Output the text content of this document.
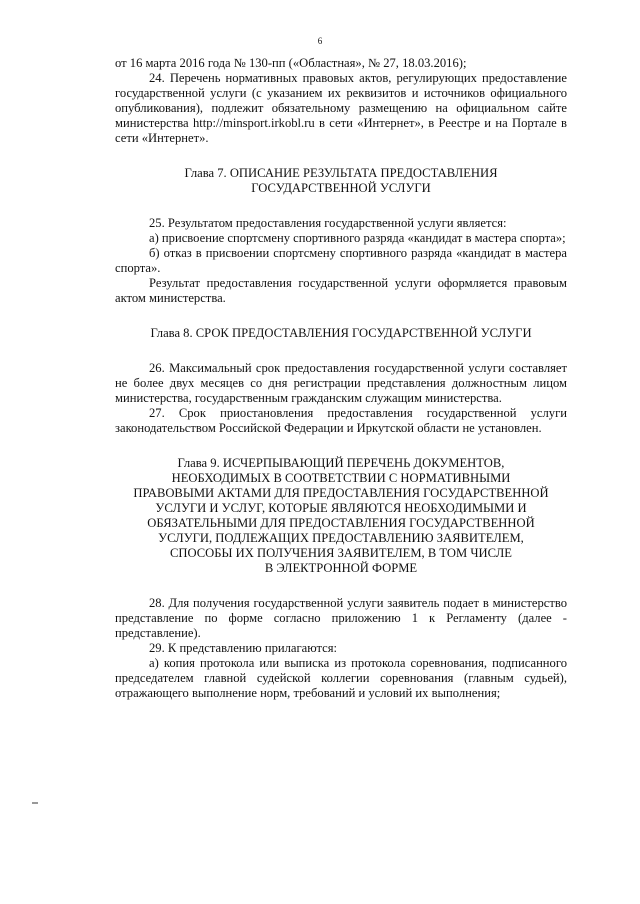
6

от 16 марта 2016 года № 130-пп («Областная», № 27, 18.03.2016);

24. Перечень нормативных правовых актов, регулирующих предоставление государственной услуги (с указанием их реквизитов и источников официального опубликования), подлежит обязательному размещению на официальном сайте министерства http://minsport.irkobl.ru в сети «Интернет», в Реестре и на Портале в сети «Интернет».

Глава 7. ОПИСАНИЕ РЕЗУЛЬТАТА ПРЕДОСТАВЛЕНИЯ
ГОСУДАРСТВЕННОЙ УСЛУГИ

25. Результатом предоставления государственной услуги является:

а) присвоение спортсмену спортивного разряда «кандидат в мастера спорта»;

б) отказ в присвоении спортсмену спортивного разряда «кандидат в мастера спорта».

Результат предоставления государственной услуги оформляется правовым актом министерства.

Глава 8. СРОК ПРЕДОСТАВЛЕНИЯ ГОСУДАРСТВЕННОЙ УСЛУГИ

26. Максимальный срок предоставления государственной услуги составляет не более двух месяцев со дня регистрации представления должностным лицом министерства, государственным гражданским служащим министерства.

27. Срок приостановления предоставления государственной услуги законодательством Российской Федерации и Иркутской области не установлен.

Глава 9. ИСЧЕРПЫВАЮЩИЙ ПЕРЕЧЕНЬ ДОКУМЕНТОВ,
НЕОБХОДИМЫХ В СООТВЕТСТВИИ С НОРМАТИВНЫМИ
ПРАВОВЫМИ АКТАМИ ДЛЯ ПРЕДОСТАВЛЕНИЯ ГОСУДАРСТВЕННОЙ
УСЛУГИ И УСЛУГ, КОТОРЫЕ ЯВЛЯЮТСЯ НЕОБХОДИМЫМИ И
ОБЯЗАТЕЛЬНЫМИ ДЛЯ ПРЕДОСТАВЛЕНИЯ ГОСУДАРСТВЕННОЙ
УСЛУГИ, ПОДЛЕЖАЩИХ ПРЕДОСТАВЛЕНИЮ ЗАЯВИТЕЛЕМ,
СПОСОБЫ ИХ ПОЛУЧЕНИЯ ЗАЯВИТЕЛЕМ, В ТОМ ЧИСЛЕ
В ЭЛЕКТРОННОЙ ФОРМЕ

28. Для получения государственной услуги заявитель подает в министерство представление по форме согласно приложению 1 к Регламенту (далее - представление).

29. К представлению прилагаются:

а) копия протокола или выписка из протокола соревнования, подписанного председателем главной судейской коллегии соревнования (главным судьей), отражающего выполнение норм, требований и условий их выполнения;
